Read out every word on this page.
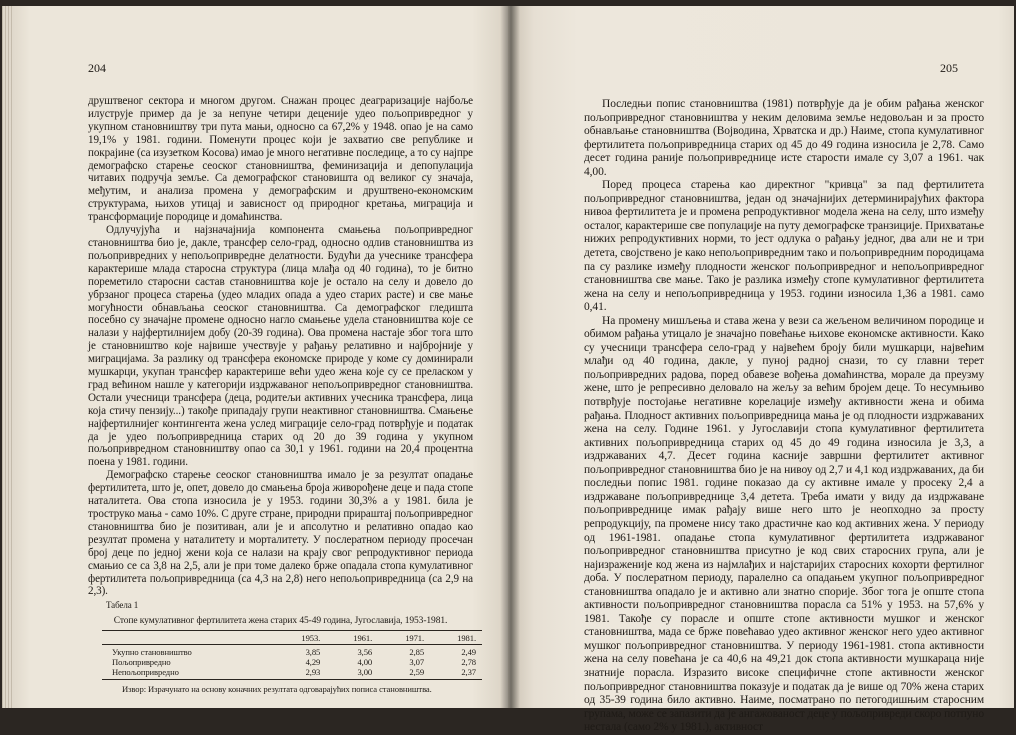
204

друштвеног сектора и многом другом. Снажан процес деаграризације најбоље илуструје пример да је за непуне четири деценије удео пољопривредног у укупном становништву три пута мањи, односно са 67,2% у 1948. опао је на само 19,1% у 1981. години. Поменути процес који је захватио све републике и покрајине (са изузетком Косова) имао је много негативне последице, а то су најпре демографско старење сеоског становништва, феминизација и депопулација читавих подручја земље. Са демографског становишта од великог су значаја, међутим, и анализа промена у демографским и друштвено-економским структурама, њихов утицај и зависност од природног кретања, миграција и трансформације породице и домаћинства.

Одлучујућа и најзначајнија компонента смањења пољопривредног становништва био је, дакле, трансфер село-град, односно одлив становништва из пољопривредних у непољопривредне делатности. Будући да учеснике трансфера карактерише млада старосна структура (лица млађа од 40 година), то је битно пореметило старосни састав становништва које је остало на селу и довело до убрзаног процеса старења (удео младих опада а удео старих расте) и све мање могућности обнављања сеоског становништва. Са демографског гледишта посебно су значајне промене односно нагло смањење удела становништва које се налази у најфертилнијем добу (20-39 година). Ова промена настаје због тога што је становништво које највише учествује у рађању релативно и најбројније у миграцијама. За разлику од трансфера економске природе у коме су доминирали мушкарци, укупан трансфер карактерише већи удео жена које су се преласком у град већином нашле у категорији издржаваног непољопривредног становништва. Остали учесници трансфера (деца, родитељи активних учесника трансфера, лица која стичу пензију...) такође припадају групи неактивног становништва. Смањење најфертилнијег контингента жена услед миграције село-град потврђује и податак да је удео пољопривредница старих од 20 до 39 година у укупном пољопривредном становништву опао са 30,1 у 1961. години на 20,4 процентна поена у 1981. години.

Демографско старење сеоског становништва имало је за резултат опадање фертилитета, што је, опет, довело до смањења броја живорођене деце и пада стопе наталитета. Ова стопа износила је у 1953. години 30,3% а у 1981. била је троструко мања - само 10%. С друге стране, природни прираштај пољопривредног становништва био је позитиван, али је и апсолутно и релативно опадао као резултат промена у наталитету и морталитету. У послератном периоду просечан број деце по једној жени која се налази на крају свог репродуктивног периода смањио се са 3,8 на 2,5, али је при томе далеко брже опадала стопа кумулативног фертилитета пољопривредница (са 4,3 на 2,8) него непољопривредница (са 2,9 на 2,3).

Табела 1
Стопе кумулативног фертилитета жена старих 45-49 година, Југославија, 1953-1981.
	1953.	1961.	1971.	1981.
Укупно становништво	3,85	3,56	2,85	2,49
Пољопривредно	4,29	4,00	3,07	2,78
Непољопривредно	2,93	3,00	2,59	2,37
Извор: Израчунато на основу коначних резултата одговарајућих пописа становништва.
205

Последњи попис становништва (1981) потврђује да је обим рађања женског пољопривредног становништва у неким деловима земље недовољан и за просто обнављање становништва (Војводина, Хрватска и др.) Наиме, стопа кумулативног фертилитета пољопривредница старих од 45 до 49 година износила је 2,78. Само десет година раније пољопривреднице исте старости имале су 3,07 а 1961. чак 4,00.

Поред процеса старења као директног "кривца" за пад фертилитета пољопривредног становништва, један од значајнијих детерминирајућих фактора нивоа фертилитета је и промена репродуктивног модела жена на селу, што између осталог, карактерише све популације на путу демографске транзиције. Прихватање нижих репродуктивних норми, то јест одлука о рађању једног, два али не и три детета, својствено је како непољопривредним тако и пољопривредним породицама па су разлике између плодности женског пољопривредног и непољопривредног становништва све мање. Тако је разлика између стопе кумулативног фертилитета жена на селу и непољопривредница у 1953. години износила 1,36 а 1981. само 0,41.

На промену мишљења и става жена у вези са жељеном величином породице и обимом рађања утицало је значајно повећање њихове економске активности. Како су учесници трансфера село-град у највећем броју били мушкарци, највећим млађи од 40 година, дакле, у пуној радној снази, то су главни терет пољопривредних радова, поред обавезе вођења домаћинства, морале да преузму жене, што је репресивно деловало на жељу за већим бројем деце. То несумњиво потврђује постојање негативне корелације између активности жена и обима рађања. Плодност активних пољопривредница мања је од плодности издржаваних жена на селу. Године 1961. у Југославији стопа кумулативног фертилитета активних пољопривредница старих од 45 до 49 година износила је 3,3, а издржаваних 4,7. Десет година касније завршни фертилитет активног пољопривредног становништва био је на нивоу од 2,7 и 4,1 код издржаваних, да би последњи попис 1981. године показао да су активне имале у просеку 2,4 а издржаване пољопривреднице 3,4 детета. Треба имати у виду да издржаване пољопривреднице имак рађају више него што је неопходно за просту репродукцију, па промене нису тако драстичне као код активних жена. У периоду од 1961-1981. опадање стопа кумулативног фертилитета издржаваног пољопривредног становништва присутно је код свих старосних група, али је најизраженије код жена из најмлађих и најстаријих старосних кохорти фертилног доба. У послератном периоду, паралелно са опадањем укупног пољопривредног становништва опадало је и активно али знатно спорије. Због тога је опште стопа активности пољопривредног становништва порасла са 51% у 1953. на 57,6% у 1981. Такође су порасле и опште стопе активности мушког и женског становништва, мада се брже повећавао удео активног женског него удео активног мушког пољопривредног становништва. У периоду 1961-1981. стопа активности жена на селу повећана је са 40,6 на 49,21 док стопа активности мушкараца није знатније порасла. Изразито високе специфичне стопе активности женског пољопривредног становништва показује и податак да је више од 70% жена старих од 35-39 година било активно. Наиме, посматрано по петогодишњим старосним групама, може се запазити да је ангажованост деце у пољопривреди скоро потпуно нестала (само 2% у 1981.), активност
